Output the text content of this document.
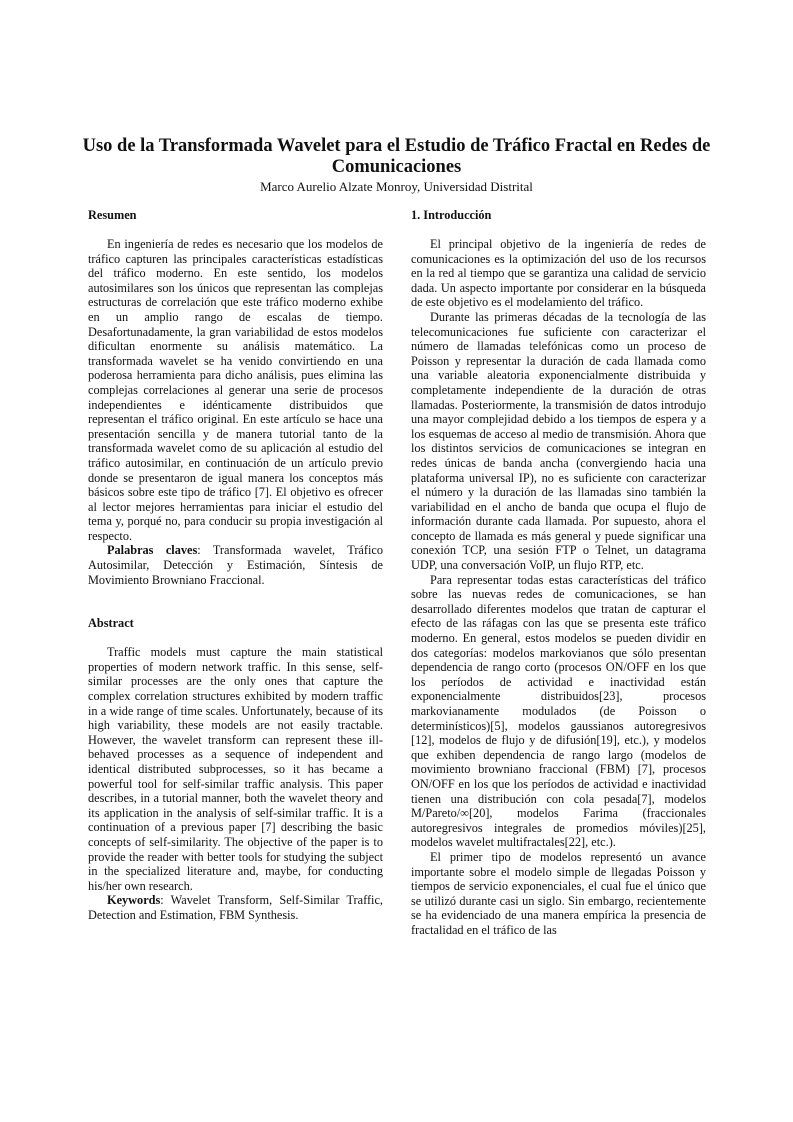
Uso de la Transformada Wavelet para el Estudio de Tráfico Fractal en Redes de Comunicaciones
Marco Aurelio Alzate Monroy, Universidad Distrital
Resumen

En ingeniería de redes es necesario que los modelos de tráfico capturen las principales características estadísticas del tráfico moderno. En este sentido, los modelos autosimilares son los únicos que representan las complejas estructuras de correlación que este tráfico moderno exhibe en un amplio rango de escalas de tiempo. Desafortunadamente, la gran variabilidad de estos modelos dificultan enormente su análisis matemático. La transformada wavelet se ha venido convirtiendo en una poderosa herramienta para dicho análisis, pues elimina las complejas correlaciones al generar una serie de procesos independientes e idénticamente distribuidos que representan el tráfico original. En este artículo se hace una presentación sencilla y de manera tutorial tanto de la transformada wavelet como de su aplicación al estudio del tráfico autosimilar, en continuación de un artículo previo donde se presentaron de igual manera los conceptos más básicos sobre este tipo de tráfico [7]. El objetivo es ofrecer al lector mejores herramientas para iniciar el estudio del tema y, porqué no, para conducir su propia investigación al respecto.

Palabras claves: Transformada wavelet, Tráfico Autosimilar, Detección y Estimación, Síntesis de Movimiento Browniano Fraccional.

Abstract

Traffic models must capture the main statistical properties of modern network traffic. In this sense, self-similar processes are the only ones that capture the complex correlation structures exhibited by modern traffic in a wide range of time scales. Unfortunately, because of its high variability, these models are not easily tractable. However, the wavelet transform can represent these ill-behaved processes as a sequence of independent and identical distributed subprocesses, so it has became a powerful tool for self-similar traffic analysis. This paper describes, in a tutorial manner, both the wavelet theory and its application in the analysis of self-similar traffic. It is a continuation of a previous paper [7] describing the basic concepts of self-similarity. The objective of the paper is to provide the reader with better tools for studying the subject in the specialized literature and, maybe, for conducting his/her own research.

Keywords: Wavelet Transform, Self-Similar Traffic, Detection and Estimation, FBM Synthesis.

1. Introducción

El principal objetivo de la ingeniería de redes de comunicaciones es la optimización del uso de los recursos en la red al tiempo que se garantiza una calidad de servicio dada. Un aspecto importante por considerar en la búsqueda de este objetivo es el modelamiento del tráfico.

Durante las primeras décadas de la tecnología de las telecomunicaciones fue suficiente con caracterizar el número de llamadas telefónicas como un proceso de Poisson y representar la duración de cada llamada como una variable aleatoria exponencialmente distribuida y completamente independiente de la duración de otras llamadas. Posteriormente, la transmisión de datos introdujo una mayor complejidad debido a los tiempos de espera y a los esquemas de acceso al medio de transmisión. Ahora que los distintos servicios de comunicaciones se integran en redes únicas de banda ancha (convergiendo hacia una plataforma universal IP), no es suficiente con caracterizar el número y la duración de las llamadas sino también la variabilidad en el ancho de banda que ocupa el flujo de información durante cada llamada. Por supuesto, ahora el concepto de llamada es más general y puede significar una conexión TCP, una sesión FTP o Telnet, un datagrama UDP, una conversación VoIP, un flujo RTP, etc.

Para representar todas estas características del tráfico sobre las nuevas redes de comunicaciones, se han desarrollado diferentes modelos que tratan de capturar el efecto de las ráfagas con las que se presenta este tráfico moderno. En general, estos modelos se pueden dividir en dos categorías: modelos markovianos que sólo presentan dependencia de rango corto (procesos ON/OFF en los que los períodos de actividad e inactividad están exponencialmente distribuidos[23], procesos markovianamente modulados (de Poisson o determinísticos)[5], modelos gaussianos autoregresivos [12], modelos de flujo y de difusión[19], etc.), y modelos que exhiben dependencia de rango largo (modelos de movimiento browniano fraccional (FBM) [7], procesos ON/OFF en los que los períodos de actividad e inactividad tienen una distribución con cola pesada[7], modelos M/Pareto/∞[20], modelos Farima (fraccionales autoregresivos integrales de promedios móviles)[25], modelos wavelet multifractales[22], etc.).

El primer tipo de modelos representó un avance importante sobre el modelo simple de llegadas Poisson y tiempos de servicio exponenciales, el cual fue el único que se utilizó durante casi un siglo. Sin embargo, recientemente se ha evidenciado de una manera empírica la presencia de fractalidad en el tráfico de las
